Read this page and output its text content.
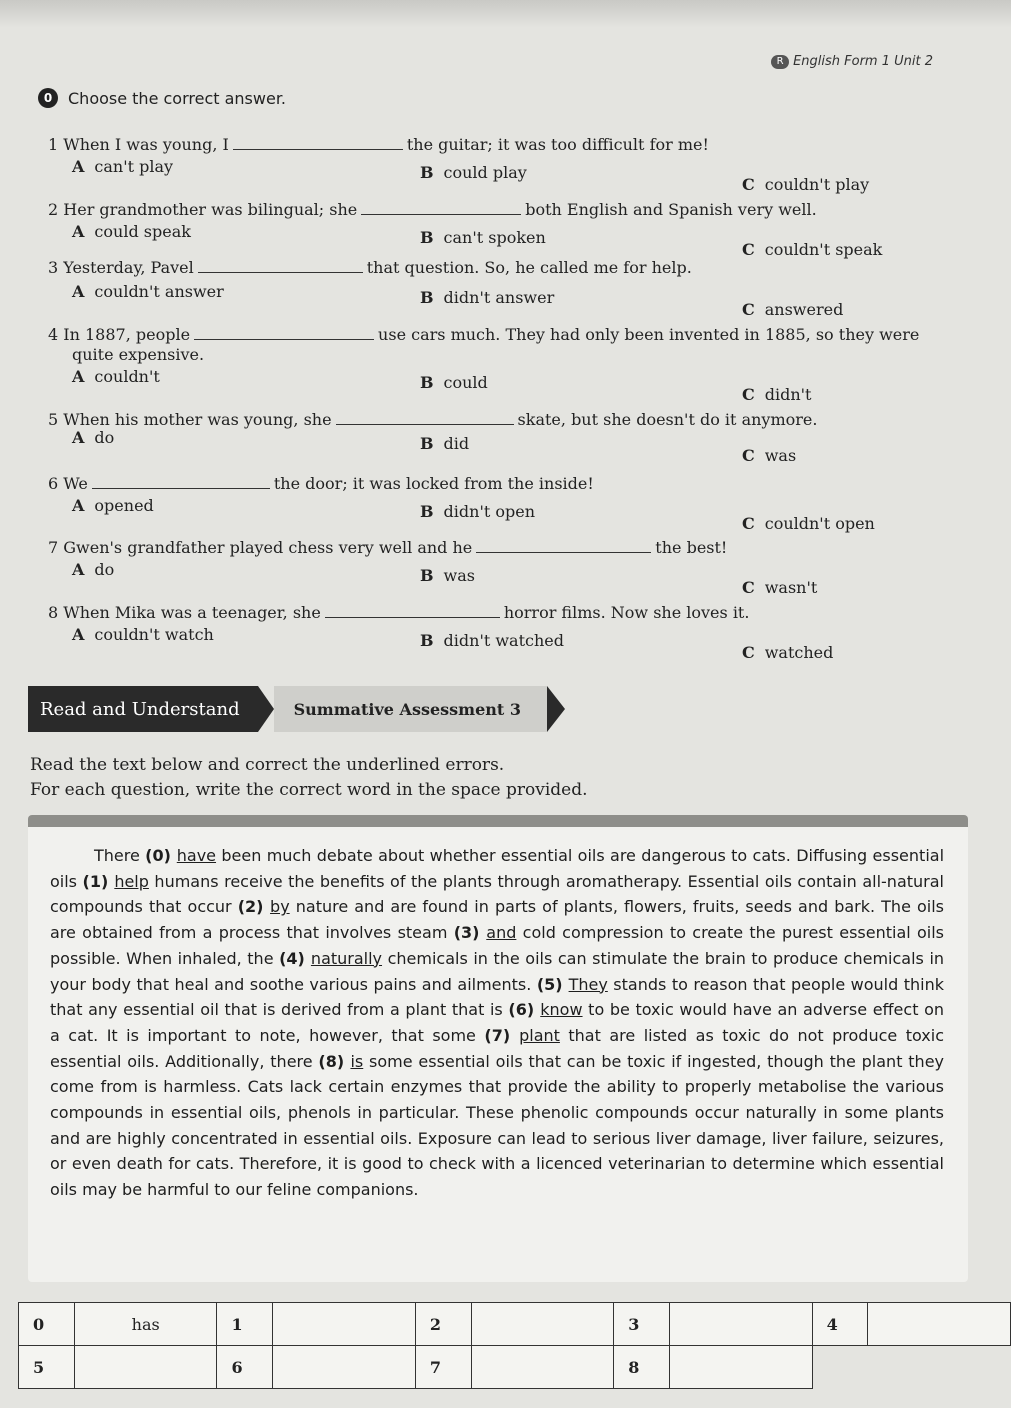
R English Form 1 Unit 2
0 Choose the correct answer.
1 When I was young, I	the guitar; it was too difficult for me!
A can't play	B could play
C couldn't play
2 Her grandmother was bilingual; she	both English and Spanish very well.
A could speak	B can't spoken
C couldn't speak
3 Yesterday, Pavel	that question. So, he called me for help.
A couldn't answer	B didn't answer
C answered
4 In 1887, people	use cars much. They had only been invented in 1885, so they were
quite expensive.
A couldn't	B could
C didn't
5 When his mother was young, she	skate, but she doesn't do it anymore.
A do	B did
C was
6 We	the door; it was locked from the inside!
A opened	B didn't open
C couldn't open
7 Gwen's grandfather played chess very well and he	the best!
A do	B was
C wasn't
8 When Mika was a teenager, she	horror films. Now she loves it.
A couldn't watch	B didn't watched
C watched
Read and Understand	Summative Assessment 3
Read the text below and correct the underlined errors.
For each question, write the correct word in the space provided.
There (0) have been much debate about whether essential oils are dangerous to cats. Diffusing essential oils (1) help humans receive the benefits of the plants through aromatherapy. Essential oils contain all-natural compounds that occur (2) by nature and are found in parts of plants, flowers, fruits, seeds and bark. The oils are obtained from a process that involves steam (3) and cold compression to create the purest essential oils possible. When inhaled, the (4) naturally chemicals in the oils can stimulate the brain to produce chemicals in your body that heal and soothe various pains and ailments. (5) They stands to reason that people would think that any essential oil that is derived from a plant that is (6) know to be toxic would have an adverse effect on a cat. It is important to note, however, that some (7) plant that are listed as toxic do not produce toxic essential oils. Additionally, there (8) is some essential oils that can be toxic if ingested, though the plant they come from is harmless. Cats lack certain enzymes that provide the ability to properly metabolise the various compounds in essential oils, phenols in particular. These phenolic compounds occur naturally in some plants and are highly concentrated in essential oils. Exposure can lead to serious liver damage, liver failure, seizures, or even death for cats. Therefore, it is good to check with a licenced veterinarian to determine which essential oils may be harmful to our feline companions.
0	has	1		2		3		4	
5		6		7		8			
